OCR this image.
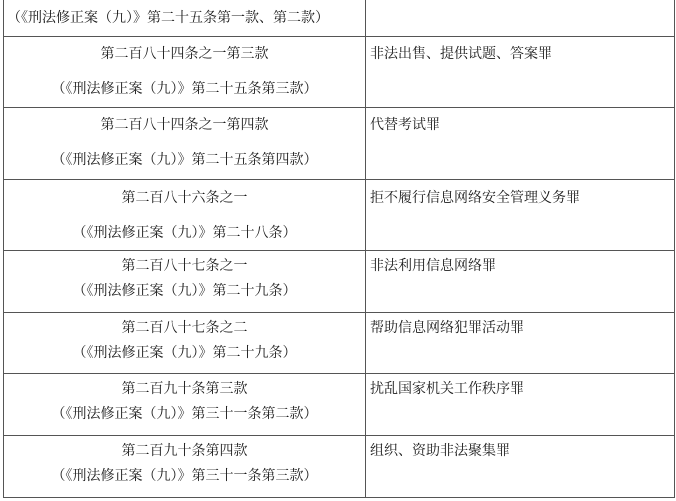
（《刑法修正案（九）》第二十五条第一款、第二款）	

第二百八十四条之一第三款
（《刑法修正案（九）》第二十五条第三款）	非法出售、提供试题、答案罪

第二百八十四条之一第四款
（《刑法修正案（九）》第二十五条第四款）	代替考试罪

第二百八十六条之一
（《刑法修正案（九）》第二十八条）	拒不履行信息网络安全管理义务罪

第二百八十七条之一
（《刑法修正案（九）》第二十九条）	非法利用信息网络罪

第二百八十七条之二
（《刑法修正案（九）》第二十九条）	帮助信息网络犯罪活动罪

第二百九十条第三款
（《刑法修正案（九）》第三十一条第二款）	扰乱国家机关工作秩序罪

第二百九十条第四款
（《刑法修正案（九）》第三十一条第三款）	组织、资助非法聚集罪
